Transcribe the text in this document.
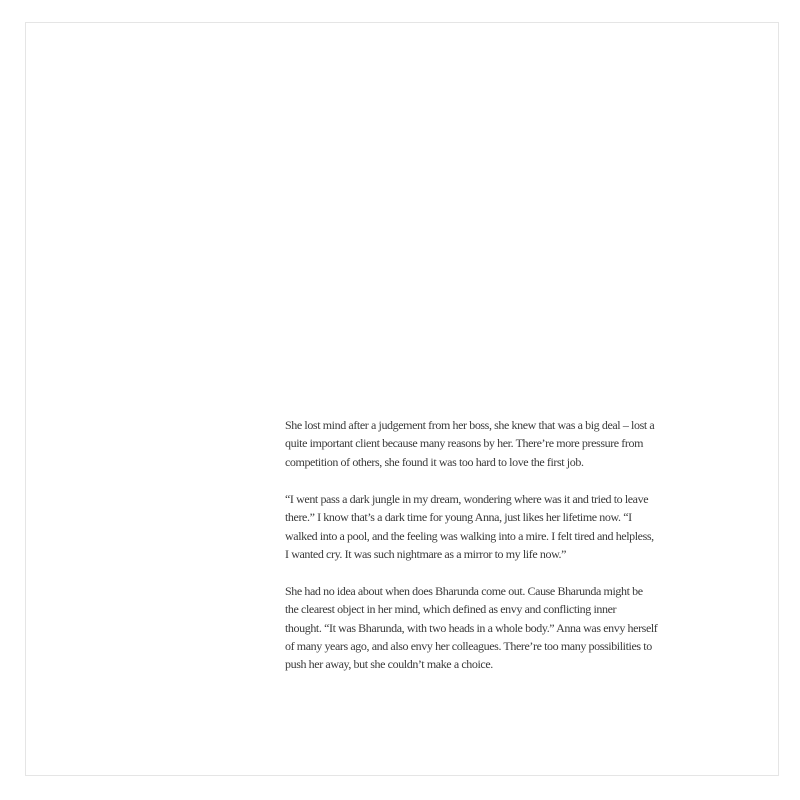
She lost mind after a judgement from her boss, she knew that was a big deal – lost a
quite important client because many reasons by her. There’re more pressure from
competition of others, she found it was too hard to love the first job.

“I went pass a dark jungle in my dream, wondering where was it and tried to leave
there.” I know that’s a dark time for young Anna, just likes her lifetime now. “I
walked into a pool, and the feeling was walking into a mire. I felt tired and helpless,
I wanted cry. It was such nightmare as a mirror to my life now.”

She had no idea about when does Bharunda come out. Cause Bharunda might be
the clearest object in her mind, which defined as envy and conflicting inner
thought. “It was Bharunda, with two heads in a whole body.” Anna was envy herself
of many years ago, and also envy her colleagues. There’re too many possibilities to
push her away, but she couldn’t make a choice.
